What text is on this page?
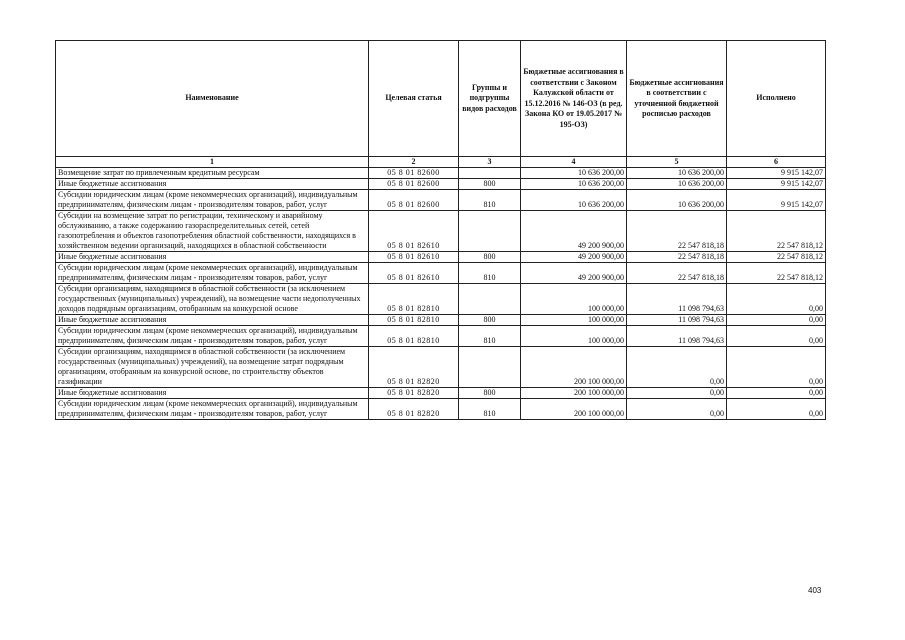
Наименование	Целевая статья	Группы и подгруппы видов расходов	Бюджетные ассигнования в соответствии с Законом Калужской области от 15.12.2016 № 146-ОЗ (в ред. Закона КО от 19.05.2017 № 195-ОЗ)	Бюджетные ассигнования в соответствии с уточненной бюджетной росписью расходов	Исполнено
1	2	3	4	5	6
Возмещение затрат по привлеченным кредитным ресурсам	05 8 01 82600		10 636 200,00	10 636 200,00	9 915 142,07
Иные бюджетные ассигнования	05 8 01 82600	800	10 636 200,00	10 636 200,00	9 915 142,07
Субсидии юридическим лицам (кроме некоммерческих организаций), индивидуальным предпринимателям, физическим лицам - производителям товаров, работ, услуг	05 8 01 82600	810	10 636 200,00	10 636 200,00	9 915 142,07
Субсидии на возмещение затрат по регистрации, техническому и аварийному обслуживанию, а также содержанию газораспределительных сетей, сетей газопотребления и объектов газопотребления областной собственности, находящихся в хозяйственном ведении организаций, находящихся в областной собственности	05 8 01 82610		49 200 900,00	22 547 818,18	22 547 818,12
Иные бюджетные ассигнования	05 8 01 82610	800	49 200 900,00	22 547 818,18	22 547 818,12
Субсидии юридическим лицам (кроме некоммерческих организаций), индивидуальным предпринимателям, физическим лицам - производителям товаров, работ, услуг	05 8 01 82610	810	49 200 900,00	22 547 818,18	22 547 818,12
Субсидии организациям, находящимся в областной собственности (за исключением государственных (муниципальных) учреждений), на возмещение части недополученных доходов подрядным организациям, отобранным на конкурсной основе	05 8 01 82810		100 000,00	11 098 794,63	0,00
Иные бюджетные ассигнования	05 8 01 82810	800	100 000,00	11 098 794,63	0,00
Субсидии юридическим лицам (кроме некоммерческих организаций), индивидуальным предпринимателям, физическим лицам - производителям товаров, работ, услуг	05 8 01 82810	810	100 000,00	11 098 794,63	0,00
Субсидии организациям, находящимся в областной собственности (за исключением государственных (муниципальных) учреждений), на возмещение затрат подрядным организациям, отобранным на конкурсной основе, по строительству объектов газификации	05 8 01 82820		200 100 000,00	0,00	0,00
Иные бюджетные ассигнования	05 8 01 82820	800	200 100 000,00	0,00	0,00
Субсидии юридическим лицам (кроме некоммерческих организаций), индивидуальным предпринимателям, физическим лицам - производителям товаров, работ, услуг	05 8 01 82820	810	200 100 000,00	0,00	0,00
403
